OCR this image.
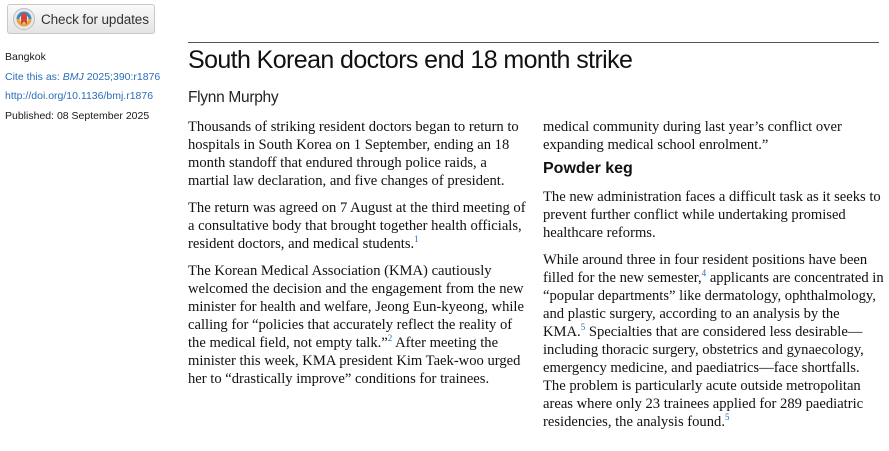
Check for updates
Bangkok
Cite this as: BMJ 2025;390:r1876
http://doi.org/10.1136/bmj.r1876
Published: 08 September 2025
South Korean doctors end 18 month strike
Flynn Murphy

Thousands of striking resident doctors began to return to hospitals in South Korea on 1 September, ending an 18 month standoff that endured through police raids, a martial law declaration, and five changes of president.

The return was agreed on 7 August at the third meeting of a consultative body that brought together health officials, resident doctors, and medical students.$^1$

The Korean Medical Association (KMA) cautiously welcomed the decision and the engagement from the new minister for health and welfare, Jeong Eun-kyeong, while calling for “policies that accurately reflect the reality of the medical field, not empty talk.”$^2$ After meeting the minister this week, KMA president Kim Taek-woo urged her to “drastically improve” conditions for trainees.

medical community during last year’s conflict over expanding medical school enrolment.”

Powder keg

The new administration faces a difficult task as it seeks to prevent further conflict while undertaking promised healthcare reforms.

While around three in four resident positions have been filled for the new semester,$^4$ applicants are concentrated in “popular departments” like dermatology, ophthalmology, and plastic surgery, according to an analysis by the KMA.$^5$ Specialties that are considered less desirable—including thoracic surgery, obstetrics and gynaecology, emergency medicine, and paediatrics—face shortfalls. The problem is particularly acute outside metropolitan areas where only 23 trainees applied for 289 paediatric residencies, the analysis found.$^5$
